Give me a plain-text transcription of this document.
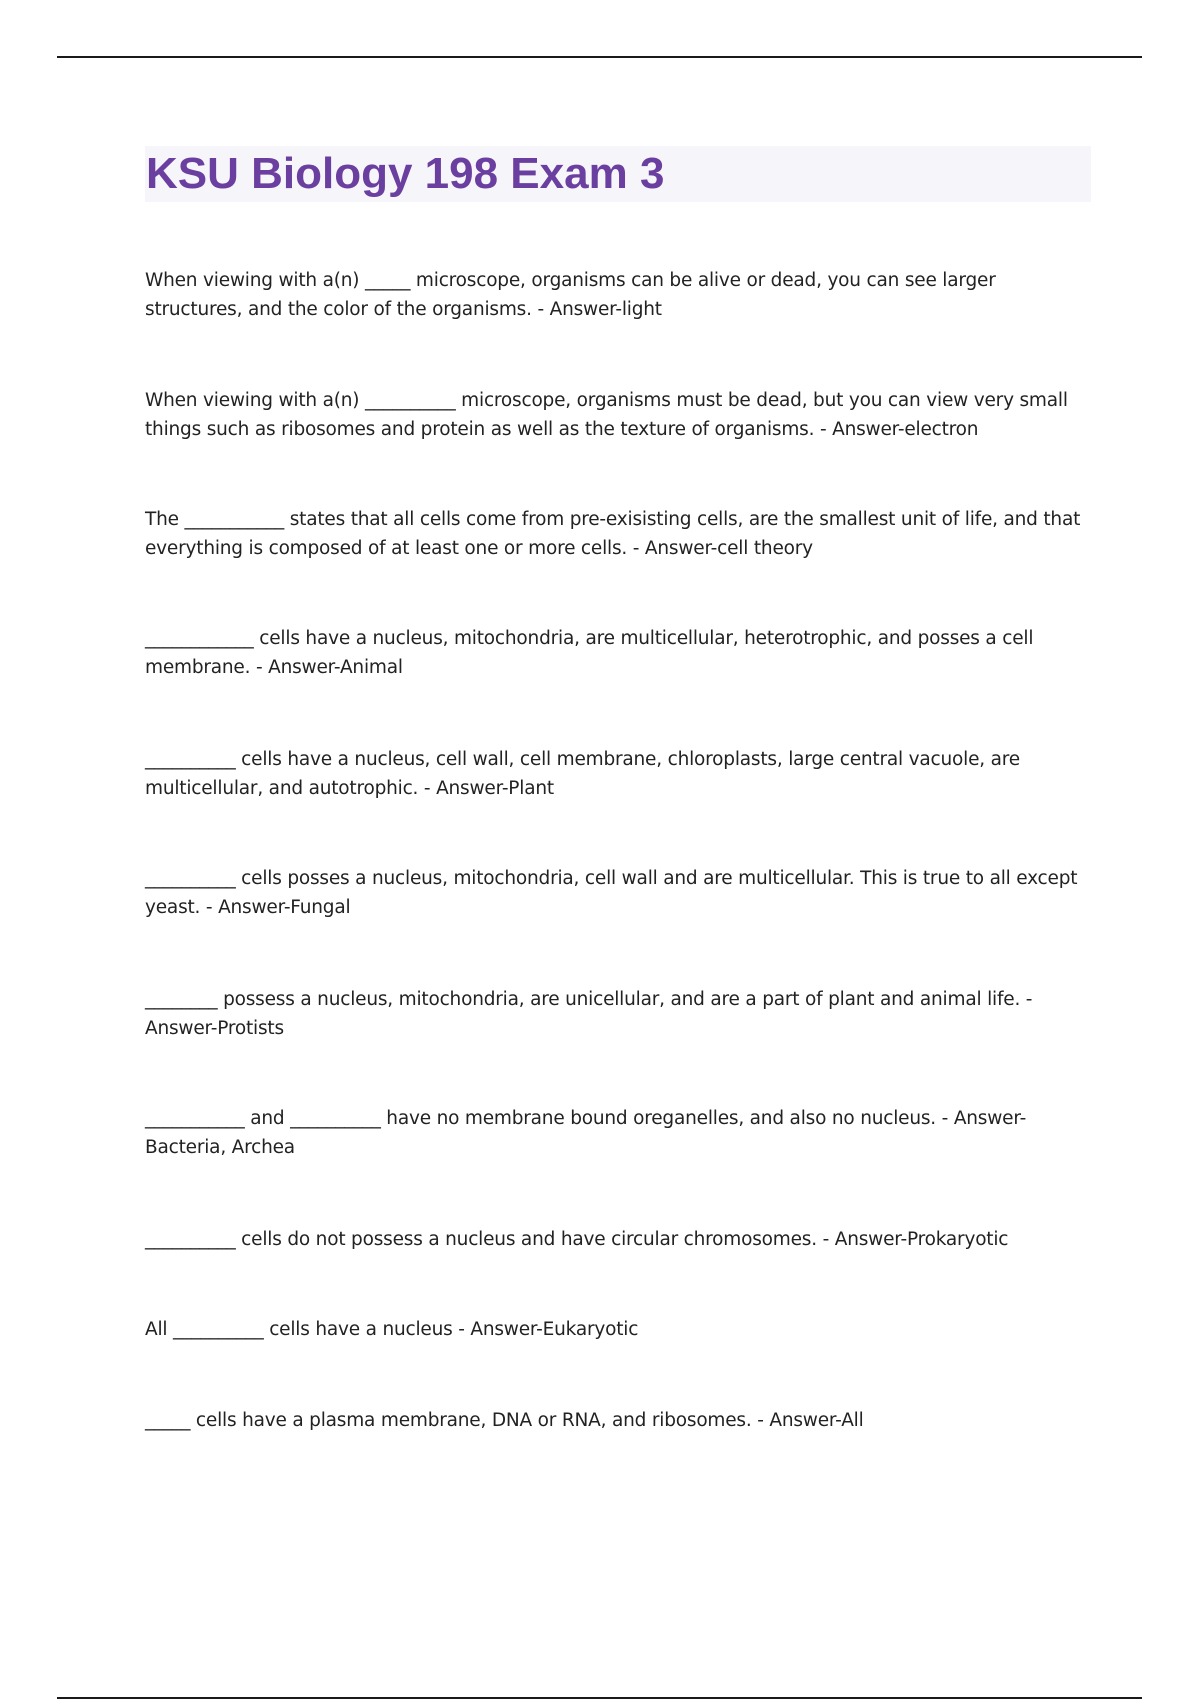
KSU Biology 198 Exam 3

When viewing with a(n) _____ microscope, organisms can be alive or dead, you can see larger structures, and the color of the organisms. - Answer-light

When viewing with a(n) __________ microscope, organisms must be dead, but you can view very small things such as ribosomes and protein as well as the texture of organisms. - Answer-electron

The ___________ states that all cells come from pre-exisisting cells, are the smallest unit of life, and that everything is composed of at least one or more cells. - Answer-cell theory

____________ cells have a nucleus, mitochondria, are multicellular, heterotrophic, and posses a cell membrane. - Answer-Animal

__________ cells have a nucleus, cell wall, cell membrane, chloroplasts, large central vacuole, are multicellular, and autotrophic. - Answer-Plant

__________ cells posses a nucleus, mitochondria, cell wall and are multicellular. This is true to all except yeast. - Answer-Fungal

________ possess a nucleus, mitochondria, are unicellular, and are a part of plant and animal life. - Answer-Protists

___________ and __________ have no membrane bound oreganelles, and also no nucleus. - Answer-Bacteria, Archea

__________ cells do not possess a nucleus and have circular chromosomes. - Answer-Prokaryotic

All __________ cells have a nucleus - Answer-Eukaryotic

_____ cells have a plasma membrane, DNA or RNA, and ribosomes. - Answer-All
